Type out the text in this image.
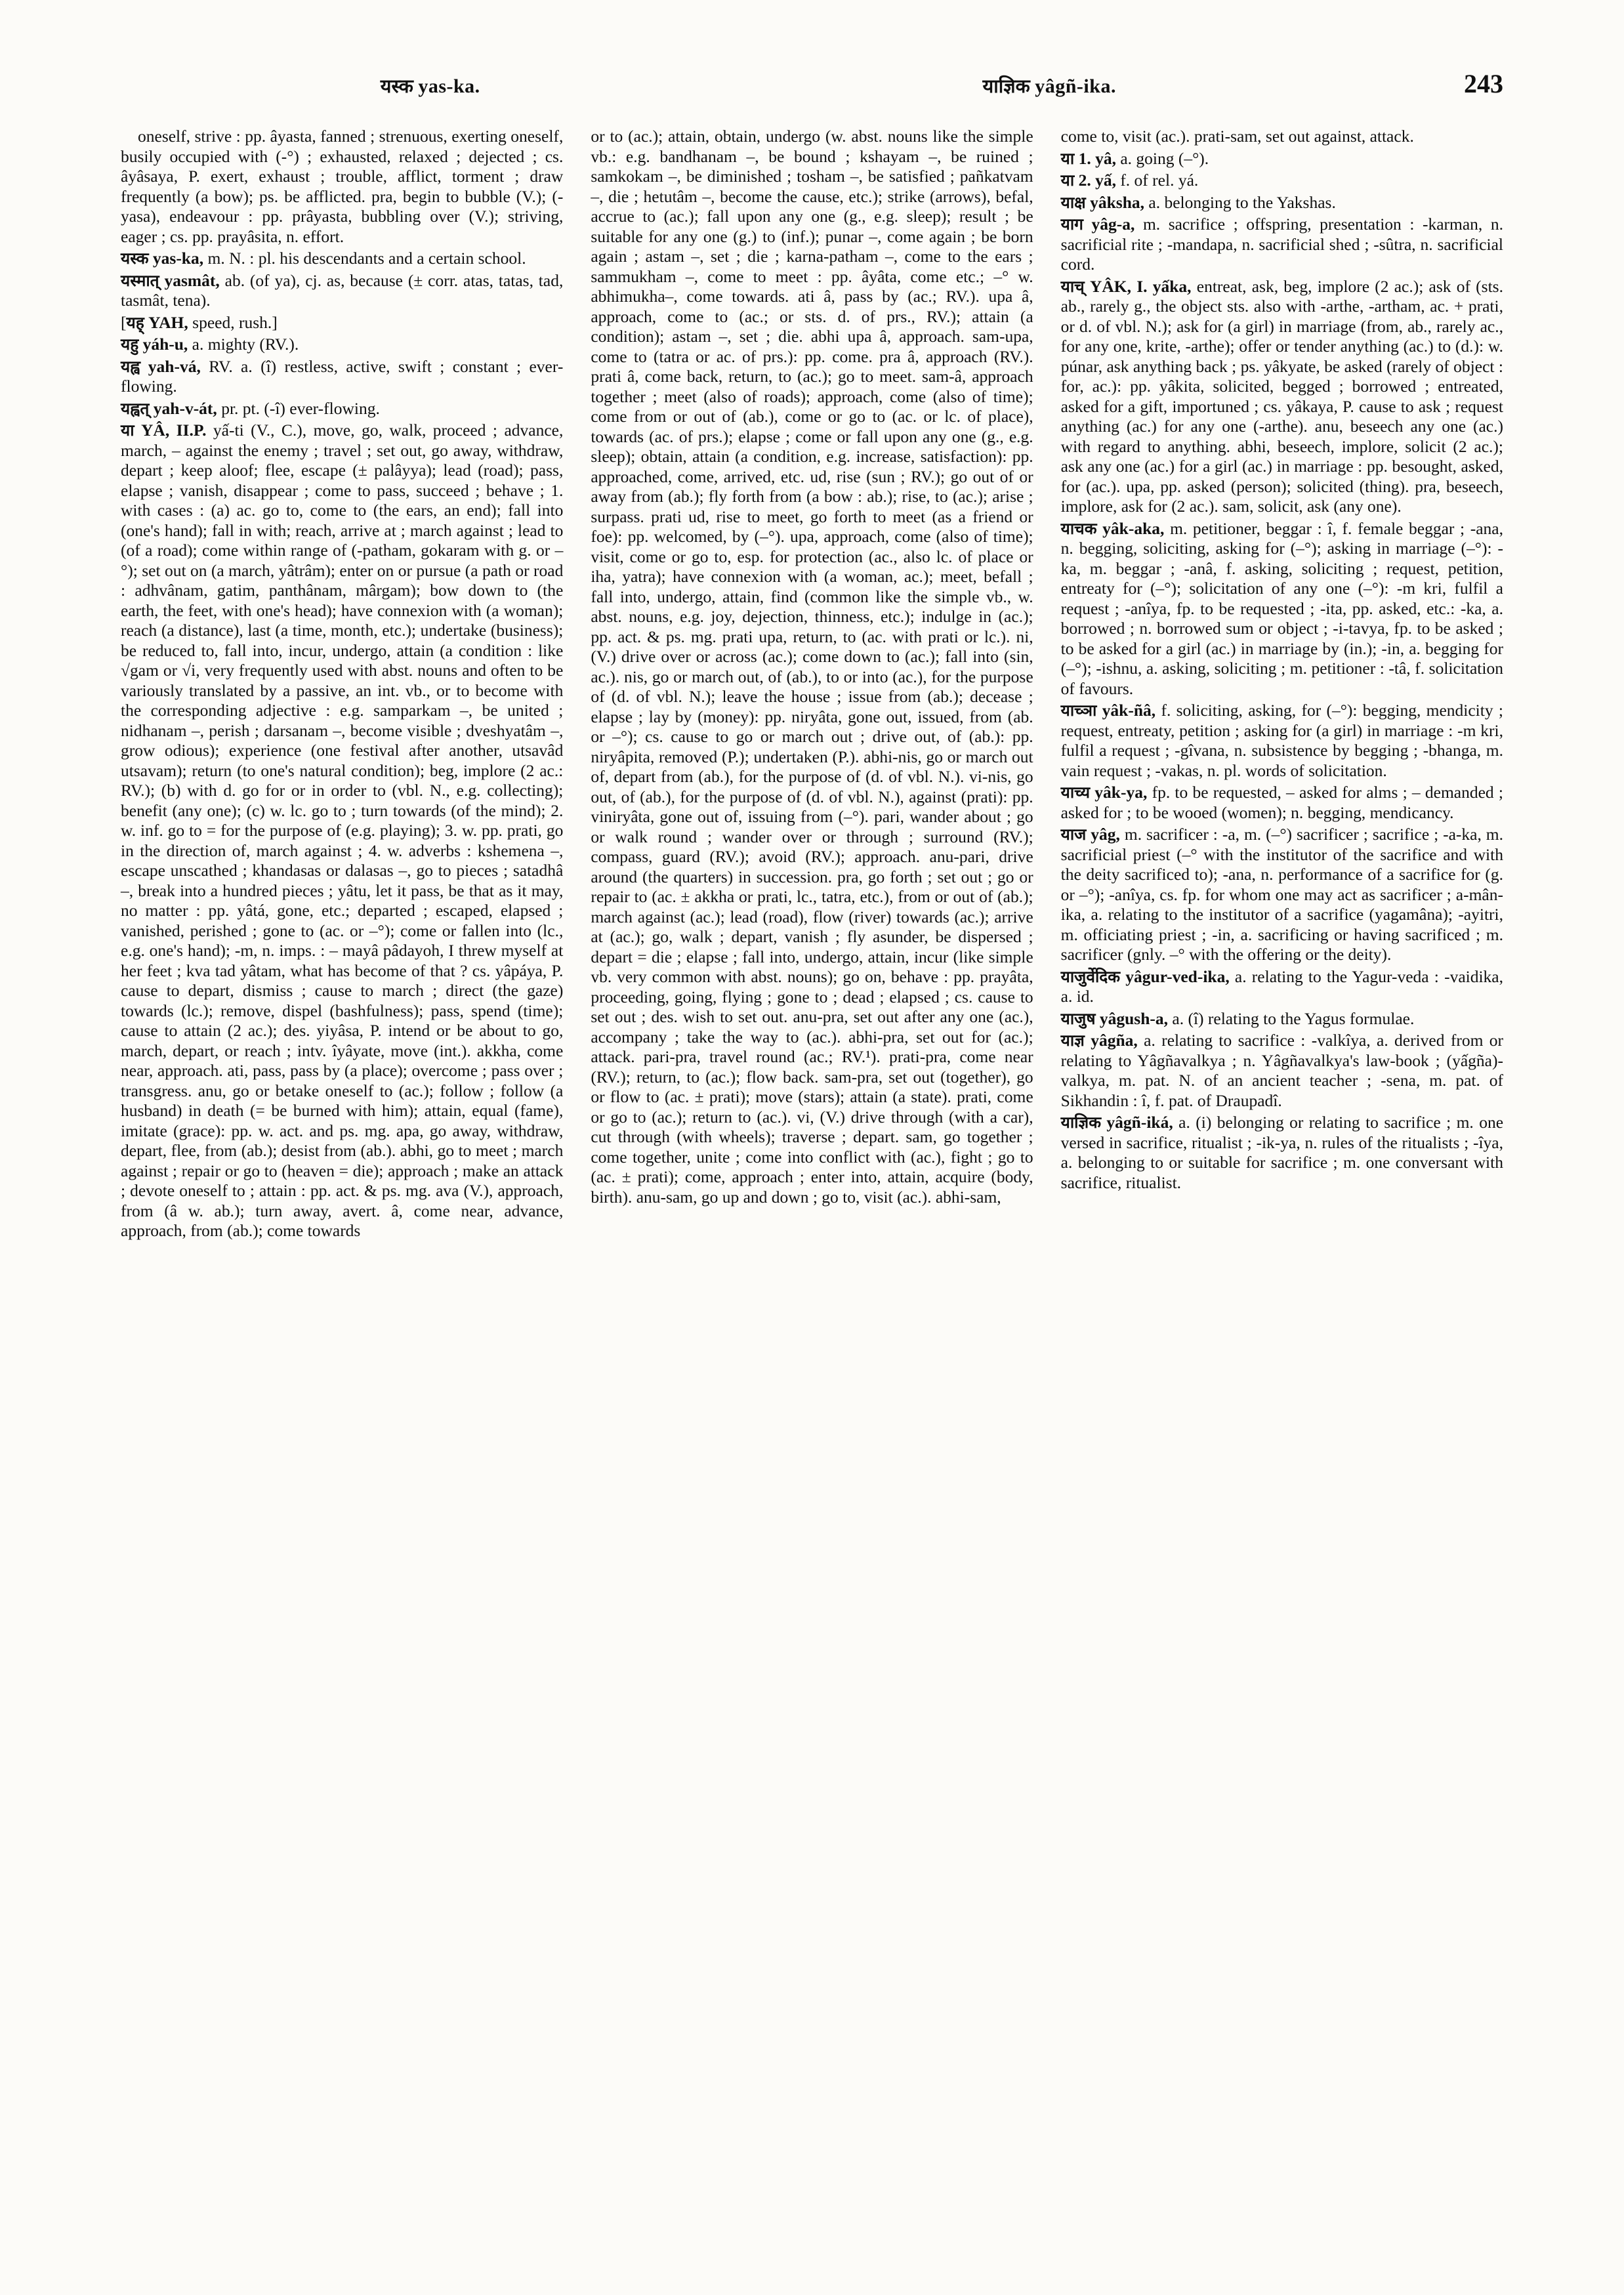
यस्क yas-ka.	याज्ञिक yâgñ-ika.	243

oneself, strive : pp. âyasta, fanned ; strenuous, exerting oneself, busily occupied with (-°) ; exhausted, relaxed ; dejected ; cs. âyâsaya, P. exert, exhaust ; trouble, afflict, torment ; draw frequently (a bow); ps. be afflicted. pra, begin to bubble (V.); (-yasa), endeavour : pp. prâyasta, bubbling over (V.); striving, eager ; cs. pp. prayâsita, n. effort.

यस्क yas-ka, m. N. : pl. his descendants and a certain school.

यस्मात् yasmât, ab. (of ya), cj. as, because (± corr. atas, tatas, tad, tasmât, tena).

[यह् YAH, speed, rush.]

यहु yáh-u, a. mighty (RV.).

यह्व yah-vá, RV. a. (î) restless, active, swift ; constant ; ever-flowing.

यह्वत् yah-v-át, pr. pt. (-î) ever-flowing.

या YÂ, II.P. yấ-ti (V., C.), move, go, walk, proceed ; advance, march, – against the enemy ; travel ; set out, go away, withdraw, depart ; keep aloof; flee, escape (± palâyya); lead (road); pass, elapse ; vanish, disappear ; come to pass, succeed ; behave ; 1. with cases : (a) ac. go to, come to (the ears, an end); fall into (one's hand); fall in with; reach, arrive at ; march against ; lead to (of a road); come within range of (-patham, gokaram with g. or –°); set out on (a march, yâtrâm); enter on or pursue (a path or road : adhvânam, gatim, panthânam, mârgam); bow down to (the earth, the feet, with one's head); have connexion with (a woman); reach (a distance), last (a time, month, etc.); undertake (business); be reduced to, fall into, incur, undergo, attain (a condition : like √gam or √i, very frequently used with abst. nouns and often to be variously translated by a passive, an int. vb., or to become with the corresponding adjective : e.g. samparkam –, be united ; nidhanam –, perish ; darsanam –, become visible ; dveshyatâm –, grow odious); experience (one festival after another, utsavâd utsavam); return (to one's natural condition); beg, implore (2 ac.: RV.); (b) with d. go for or in order to (vbl. N., e.g. collecting); benefit (any one); (c) w. lc. go to ; turn towards (of the mind); 2. w. inf. go to = for the purpose of (e.g. playing); 3. w. pp. prati, go in the direction of, march against ; 4. w. adverbs : kshemena –, escape unscathed ; khandasas or dalasas –, go to pieces ; satadhâ –, break into a hundred pieces ; yâtu, let it pass, be that as it may, no matter : pp. yâtá, gone, etc.; departed ; escaped, elapsed ; vanished, perished ; gone to (ac. or –°); come or fallen into (lc., e.g. one's hand); -m, n. imps. : – mayâ pâdayoh, I threw myself at her feet ; kva tad yâtam, what has become of that ? cs. yâpáya, P. cause to depart, dismiss ; cause to march ; direct (the gaze) towards (lc.); remove, dispel (bashfulness); pass, spend (time); cause to attain (2 ac.); des. yiyâsa, P. intend or be about to go, march, depart, or reach ; intv. îyâyate, move (int.). akkha, come near, approach. ati, pass, pass by (a place); overcome ; pass over ; transgress. anu, go or betake oneself to (ac.); follow ; follow (a husband) in death (= be burned with him); attain, equal (fame), imitate (grace): pp. w. act. and ps. mg. apa, go away, withdraw, depart, flee, from (ab.); desist from (ab.). abhi, go to meet ; march against ; repair or go to (heaven = die); approach ; make an attack ; devote oneself to ; attain : pp. act. & ps. mg. ava (V.), approach, from (â w. ab.); turn away, avert. â, come near, advance, approach, from (ab.); come towards

or to (ac.); attain, obtain, undergo (w. abst. nouns like the simple vb.: e.g. bandhanam –, be bound ; kshayam –, be ruined ; samkokam –, be diminished ; tosham –, be satisfied ; pañkatvam –, die ; hetutâm –, become the cause, etc.); strike (arrows), befal, accrue to (ac.); fall upon any one (g., e.g. sleep); result ; be suitable for any one (g.) to (inf.); punar –, come again ; be born again ; astam –, set ; die ; karna-patham –, come to the ears ; sammukham –, come to meet : pp. âyâta, come etc.; –° w. abhimukha–, come towards. ati â, pass by (ac.; RV.). upa â, approach, come to (ac.; or sts. d. of prs., RV.); attain (a condition); astam –, set ; die. abhi upa â, approach. sam-upa, come to (tatra or ac. of prs.): pp. come. pra â, approach (RV.). prati â, come back, return, to (ac.); go to meet. sam-â, approach together ; meet (also of roads); approach, come (also of time); come from or out of (ab.), come or go to (ac. or lc. of place), towards (ac. of prs.); elapse ; come or fall upon any one (g., e.g. sleep); obtain, attain (a condition, e.g. increase, satisfaction): pp. approached, come, arrived, etc. ud, rise (sun ; RV.); go out of or away from (ab.); fly forth from (a bow : ab.); rise, to (ac.); arise ; surpass. prati ud, rise to meet, go forth to meet (as a friend or foe): pp. welcomed, by (–°). upa, approach, come (also of time); visit, come or go to, esp. for protection (ac., also lc. of place or iha, yatra); have connexion with (a woman, ac.); meet, befall ; fall into, undergo, attain, find (common like the simple vb., w. abst. nouns, e.g. joy, dejection, thinness, etc.); indulge in (ac.); pp. act. & ps. mg. prati upa, return, to (ac. with prati or lc.). ni, (V.) drive over or across (ac.); come down to (ac.); fall into (sin, ac.). nis, go or march out, of (ab.), to or into (ac.), for the purpose of (d. of vbl. N.); leave the house ; issue from (ab.); decease ; elapse ; lay by (money): pp. niryâta, gone out, issued, from (ab. or –°); cs. cause to go or march out ; drive out, of (ab.): pp. niryâpita, removed (P.); undertaken (P.). abhi-nis, go or march out of, depart from (ab.), for the purpose of (d. of vbl. N.). vi-nis, go out, of (ab.), for the purpose of (d. of vbl. N.), against (prati): pp. viniryâta, gone out of, issuing from (–°). pari, wander about ; go or walk round ; wander over or through ; surround (RV.); compass, guard (RV.); avoid (RV.); approach. anu-pari, drive around (the quarters) in succession. pra, go forth ; set out ; go or repair to (ac. ± akkha or prati, lc., tatra, etc.), from or out of (ab.); march against (ac.); lead (road), flow (river) towards (ac.); arrive at (ac.); go, walk ; depart, vanish ; fly asunder, be dispersed ; depart = die ; elapse ; fall into, undergo, attain, incur (like simple vb. very common with abst. nouns); go on, behave : pp. prayâta, proceeding, going, flying ; gone to ; dead ; elapsed ; cs. cause to set out ; des. wish to set out. anu-pra, set out after any one (ac.), accompany ; take the way to (ac.). abhi-pra, set out for (ac.); attack. pari-pra, travel round (ac.; RV.¹). prati-pra, come near (RV.); return, to (ac.); flow back. sam-pra, set out (together), go or flow to (ac. ± prati); move (stars); attain (a state). prati, come or go to (ac.); return to (ac.). vi, (V.) drive through (with a car), cut through (with wheels); traverse ; depart. sam, go together ; come together, unite ; come into conflict with (ac.), fight ; go to (ac. ± prati); come, approach ; enter into, attain, acquire (body, birth). anu-sam, go up and down ; go to, visit (ac.). abhi-sam,

come to, visit (ac.). prati-sam, set out against, attack.

या 1. yâ, a. going (–°).

या 2. yấ, f. of rel. yá.

याक्ष yâksha, a. belonging to the Yakshas.

याग yâg-a, m. sacrifice ; offspring, presentation : -karman, n. sacrificial rite ; -mandapa, n. sacrificial shed ; -sûtra, n. sacrificial cord.

याच् YÂK, I. yấka, entreat, ask, beg, implore (2 ac.); ask of (sts. ab., rarely g., the object sts. also with -arthe, -artham, ac. + prati, or d. of vbl. N.); ask for (a girl) in marriage (from, ab., rarely ac., for any one, krite, -arthe); offer or tender anything (ac.) to (d.): w. púnar, ask anything back ; ps. yâkyate, be asked (rarely of object : for, ac.): pp. yâkita, solicited, begged ; borrowed ; entreated, asked for a gift, importuned ; cs. yâkaya, P. cause to ask ; request anything (ac.) for any one (-arthe). anu, beseech any one (ac.) with regard to anything. abhi, beseech, implore, solicit (2 ac.); ask any one (ac.) for a girl (ac.) in marriage : pp. besought, asked, for (ac.). upa, pp. asked (person); solicited (thing). pra, beseech, implore, ask for (2 ac.). sam, solicit, ask (any one).

याचक yâk-aka, m. petitioner, beggar : î, f. female beggar ; -ana, n. begging, soliciting, asking for (–°); asking in marriage (–°): -ka, m. beggar ; -anâ, f. asking, soliciting ; request, petition, entreaty for (–°); solicitation of any one (–°): -m kri, fulfil a request ; -anîya, fp. to be requested ; -ita, pp. asked, etc.: -ka, a. borrowed ; n. borrowed sum or object ; -i-tavya, fp. to be asked ; to be asked for a girl (ac.) in marriage by (in.); -in, a. begging for (–°); -ishnu, a. asking, soliciting ; m. petitioner : -tâ, f. solicitation of favours.

याच्ञा yâk-ñâ, f. soliciting, asking, for (–°): begging, mendicity ; request, entreaty, petition ; asking for (a girl) in marriage : -m kri, fulfil a request ; -gîvana, n. subsistence by begging ; -bhanga, m. vain request ; -vakas, n. pl. words of solicitation.

याच्य yâk-ya, fp. to be requested, – asked for alms ; – demanded ; asked for ; to be wooed (women); n. begging, mendicancy.

याज yâg, m. sacrificer : -a, m. (–°) sacrificer ; sacrifice ; -a-ka, m. sacrificial priest (–° with the institutor of the sacrifice and with the deity sacrificed to); -ana, n. performance of a sacrifice for (g. or –°); -anîya, cs. fp. for whom one may act as sacrificer ; a-mân-ika, a. relating to the institutor of a sacrifice (yagamâna); -ayitri, m. officiating priest ; -in, a. sacrificing or having sacrificed ; m. sacrificer (gnly. –° with the offering or the deity).

याजुर्वेदिक yâgur-ved-ika, a. relating to the Yagur-veda : -vaidika, a. id.

याजुष yâgush-a, a. (î) relating to the Yagus formulae.

याज्ञ yâgña, a. relating to sacrifice : -valkîya, a. derived from or relating to Yâgñavalkya ; n. Yâgñavalkya's law-book ; (yấgña)-valkya, m. pat. N. of an ancient teacher ; -sena, m. pat. of Sikhandin : î, f. pat. of Draupadî.

याज्ञिक yâgñ-iká, a. (i) belonging or relating to sacrifice ; m. one versed in sacrifice, ritualist ; -ik-ya, n. rules of the ritualists ; -îya, a. belonging to or suitable for sacrifice ; m. one conversant with sacrifice, ritualist.
